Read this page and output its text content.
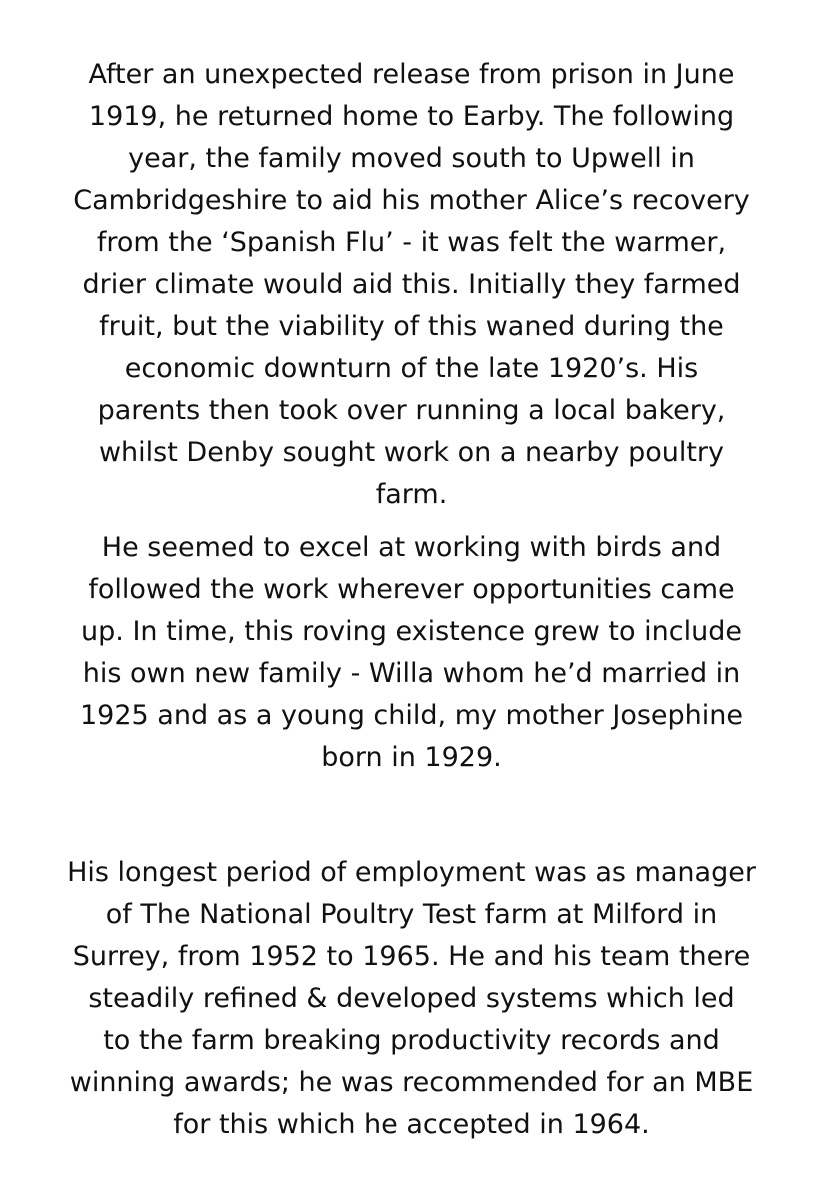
After an unexpected release from prison in June
1919, he returned home to Earby. The following
year, the family moved south to Upwell in
Cambridgeshire to aid his mother Alice’s recovery
from the ‘Spanish Flu’ - it was felt the warmer,
drier climate would aid this. Initially they farmed
fruit, but the viability of this waned during the
economic downturn of the late 1920’s. His
parents then took over running a local bakery,
whilst Denby sought work on a nearby poultry
farm.

He seemed to excel at working with birds and
followed the work wherever opportunities came
up. In time, this roving existence grew to include
his own new family - Willa whom he’d married in
1925 and as a young child, my mother Josephine
born in 1929.

His longest period of employment was as manager
of The National Poultry Test farm at Milford in
Surrey, from 1952 to 1965. He and his team there
steadily refined & developed systems which led
to the farm breaking productivity records and
winning awards; he was recommended for an MBE
for this which he accepted in 1964.
